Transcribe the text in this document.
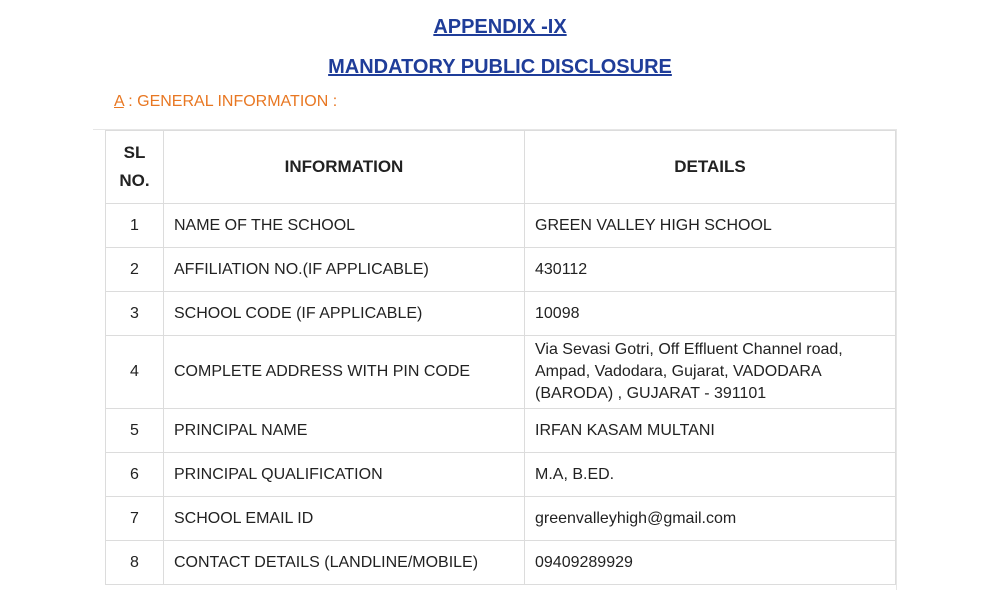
APPENDIX -IX
MANDATORY PUBLIC DISCLOSURE
A : GENERAL INFORMATION :
SL
NO.	INFORMATION	DETAILS
1	NAME OF THE SCHOOL	GREEN VALLEY HIGH SCHOOL
2	AFFILIATION NO.(IF APPLICABLE)	430112
3	SCHOOL CODE (IF APPLICABLE)	10098
4	COMPLETE ADDRESS WITH PIN CODE	Via Sevasi Gotri, Off Effluent Channel road, Ampad, Vadodara, Gujarat, VADODARA (BARODA) , GUJARAT - 391101
5	PRINCIPAL NAME	IRFAN KASAM MULTANI
6	PRINCIPAL QUALIFICATION	M.A, B.ED.
7	SCHOOL EMAIL ID	greenvalleyhigh@gmail.com
8	CONTACT DETAILS (LANDLINE/MOBILE)	09409289929
